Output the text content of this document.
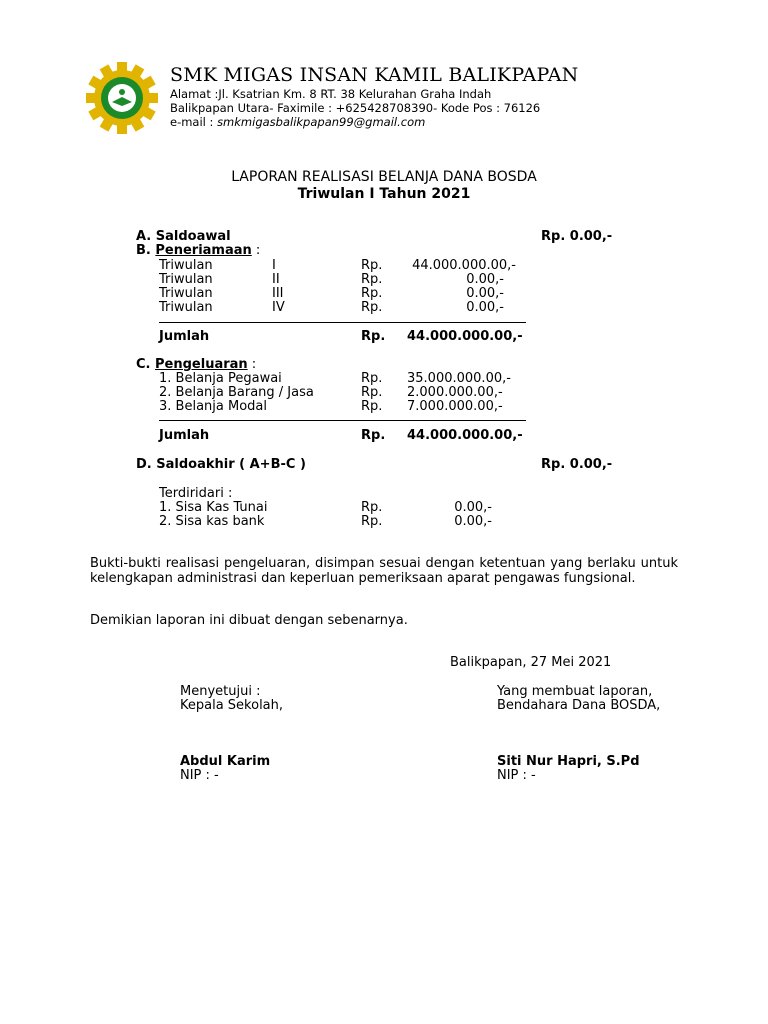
SMK MIGAS INSAN KAMIL BALIKPAPAN
Alamat :Jl. Ksatrian Km. 8 RT. 38 Kelurahan Graha Indah
Balikpapan Utara- Faximile : +625428708390- Kode Pos : 76126
e-mail : smkmigasbalikpapan99@gmail.com
LAPORAN REALISASI BELANJA DANA BOSDA
Triwulan I Tahun 2021
A. Saldoawal	Rp. 0.00,-
B. Peneriamaan :
Triwulan	I	Rp. 44.000.000.00,-
Triwulan	II	Rp.	0.00,-
Triwulan	III	Rp.	0.00,-
Triwulan	IV	Rp.	0.00,-
Jumlah	Rp. 44.000.000.00,-
C. Pengeluaran :
1. Belanja Pegawai	Rp. 35.000.000.00,-
2. Belanja Barang / Jasa	Rp. 2.000.000.00,-
3. Belanja Modal	Rp. 7.000.000.00,-
Jumlah	Rp. 44.000.000.00,-
D. Saldoakhir ( A+B-C )	Rp. 0.00,-
Terdiridari :
1. Sisa Kas Tunai	Rp.	0.00,-
2. Sisa kas bank	Rp.	0.00,-
Bukti-bukti realisasi pengeluaran, disimpan sesuai dengan ketentuan yang berlaku untuk kelengkapan administrasi dan keperluan pemeriksaan aparat pengawas fungsional.
Demikian laporan ini dibuat dengan sebenarnya.
Balikpapan, 27 Mei 2021
Menyetujui :
Kepala Sekolah,
Abdul Karim
NIP : -
Yang membuat laporan,
Bendahara Dana BOSDA,
Siti Nur Hapri, S.Pd
NIP : -
